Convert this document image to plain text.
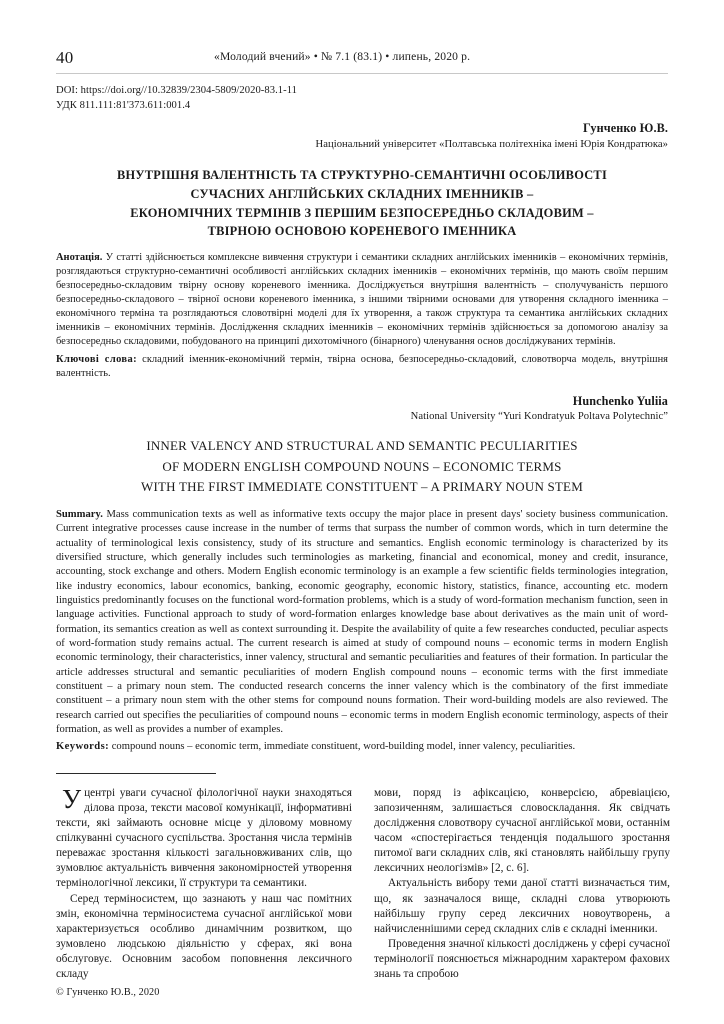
40	«Молодий вчений» • № 7.1 (83.1) • липень, 2020 р.
DOI: https://doi.org//10.32839/2304-5809/2020-83.1-11
УДК 811.111:81'373.611:001.4
Гунченко Ю.В.
Національний університет «Полтавська політехніка імені Юрія Кондратюка»
ВНУТРІШНЯ ВАЛЕНТНІСТЬ ТА СТРУКТУРНО-СЕМАНТИЧНІ ОСОБЛИВОСТІ
СУЧАСНИХ АНГЛІЙСЬКИХ СКЛАДНИХ ІМЕННИКІВ –
ЕКОНОМІЧНИХ ТЕРМІНІВ З ПЕРШИМ БЕЗПОСЕРЕДНЬО СКЛАДОВИМ –
ТВІРНОЮ ОСНОВОЮ КОРЕНЕВОГО ІМЕННИКА

Анотація. У статті здійснюється комплексне вивчення структури і семантики складних англійських іменників – економічних термінів, розглядаються структурно-семантичні особливості англійських складних іменників – економічних термінів, що мають своїм першим безпосередньо-складовим твірну основу кореневого іменника. Досліджується внутрішня валентність – сполучуваність першого безпосередньо-складового – твірної основи кореневого іменника, з іншими твірними основами для утворення складного іменника – економічного терміна та розглядаються словотвірні моделі для їх утворення, а також структура та семантика англійських складних іменників – економічних термінів. Дослідження складних іменників – економічних термінів здійснюється за допомогою аналізу за безпосередньо складовими, побудованого на принципі дихотомічного (бінарного) членування основ досліджуваних термінів.

Ключові слова: складний іменник-економічний термін, твірна основа, безпосередньо-складовий, словотворча модель, внутрішня валентність.

Hunchenko Yuliia
National University “Yuri Kondratyuk Poltava Polytechnic”
INNER VALENCY AND STRUCTURAL AND SEMANTIC PECULIARITIES
OF MODERN ENGLISH COMPOUND NOUNS – ECONOMIC TERMS
WITH THE FIRST IMMEDIATE CONSTITUENT – A PRIMARY NOUN STEM

Summary. Mass communication texts as well as informative texts occupy the major place in present days' society business communication. Current integrative processes cause increase in the number of terms that surpass the number of common words, which in turn determine the actuality of terminological lexis consistency, study of its structure and semantics. English economic terminology is characterized by its diversified structure, which generally includes such terminologies as marketing, financial and economical, money and credit, insurance, accounting, stock exchange and others. Modern English economic terminology is an example a few scientific fields terminologies integration, like industry economics, labour economics, banking, economic geography, economic history, statistics, finance, accounting etc. modern linguistics predominantly focuses on the functional word-formation problems, which is a study of word-formation mechanism function, seen in language activities. Functional approach to study of word-formation enlarges knowledge base about derivatives as the main unit of word-formation, its semantics creation as well as context surrounding it. Despite the availability of quite a few researches conducted, peculiar aspects of word-formation study remains actual. The current research is aimed at study of compound nouns – economic terms in modern English economic terminology, their characteristics, inner valency, structural and semantic peculiarities and features of their formation. In particular the article addresses structural and semantic peculiarities of modern English compound nouns – economic terms with the first immediate constituent – a primary noun stem. The conducted research concerns the inner valency which is the combinatory of the first immediate constituent – a primary noun stem with the other stems for compound nouns formation. Their word-building models are also reviewed. The research carried out specifies the peculiarities of compound nouns – economic terms in modern English economic terminology, aspects of their formation, as well as provides a number of examples.

Keywords: compound nouns – economic term, immediate constituent, word-building model, inner valency, peculiarities.

Уцентрі уваги сучасної філологічної науки знаходяться ділова проза, тексти масової комунікації, інформативні тексти, які займають основне місце у діловому мовному спілкуванні сучасного суспільства. Зростання числа термінів переважає зростання кількості загальновживаних слів, що зумовлює актуальність вивчення закономірностей утворення термінологічної лексики, її структури та семантики.

Серед терміносистем, що зазнають у наш час помітних змін, економічна терміносистема сучасної англійської мови характеризується особливо динамічним розвитком, що зумовлено людською діяльністю у сферах, які вона обслуговує. Основним засобом поповнення лексичного складу

мови, поряд із афіксацією, конверсією, абревіацією, запозиченням, залишається словоскладання. Як свідчать дослідження словотвору сучасної англійської мови, останнім часом «спостерігається тенденція подальшого зростання питомої ваги складних слів, які становлять найбільшу групу лексичних неологізмів» [2, с. 6].

Актуальність вибору теми даної статті визначається тим, що, як зазначалося вище, складні слова утворюють найбільшу групу серед лексичних новоутворень, а найчисленнішими серед складних слів є складні іменники.

Проведення значної кількості досліджень у сфері сучасної термінології пояснюється міжнародним характером фахових знань та спробою

© Гунченко Ю.В., 2020
